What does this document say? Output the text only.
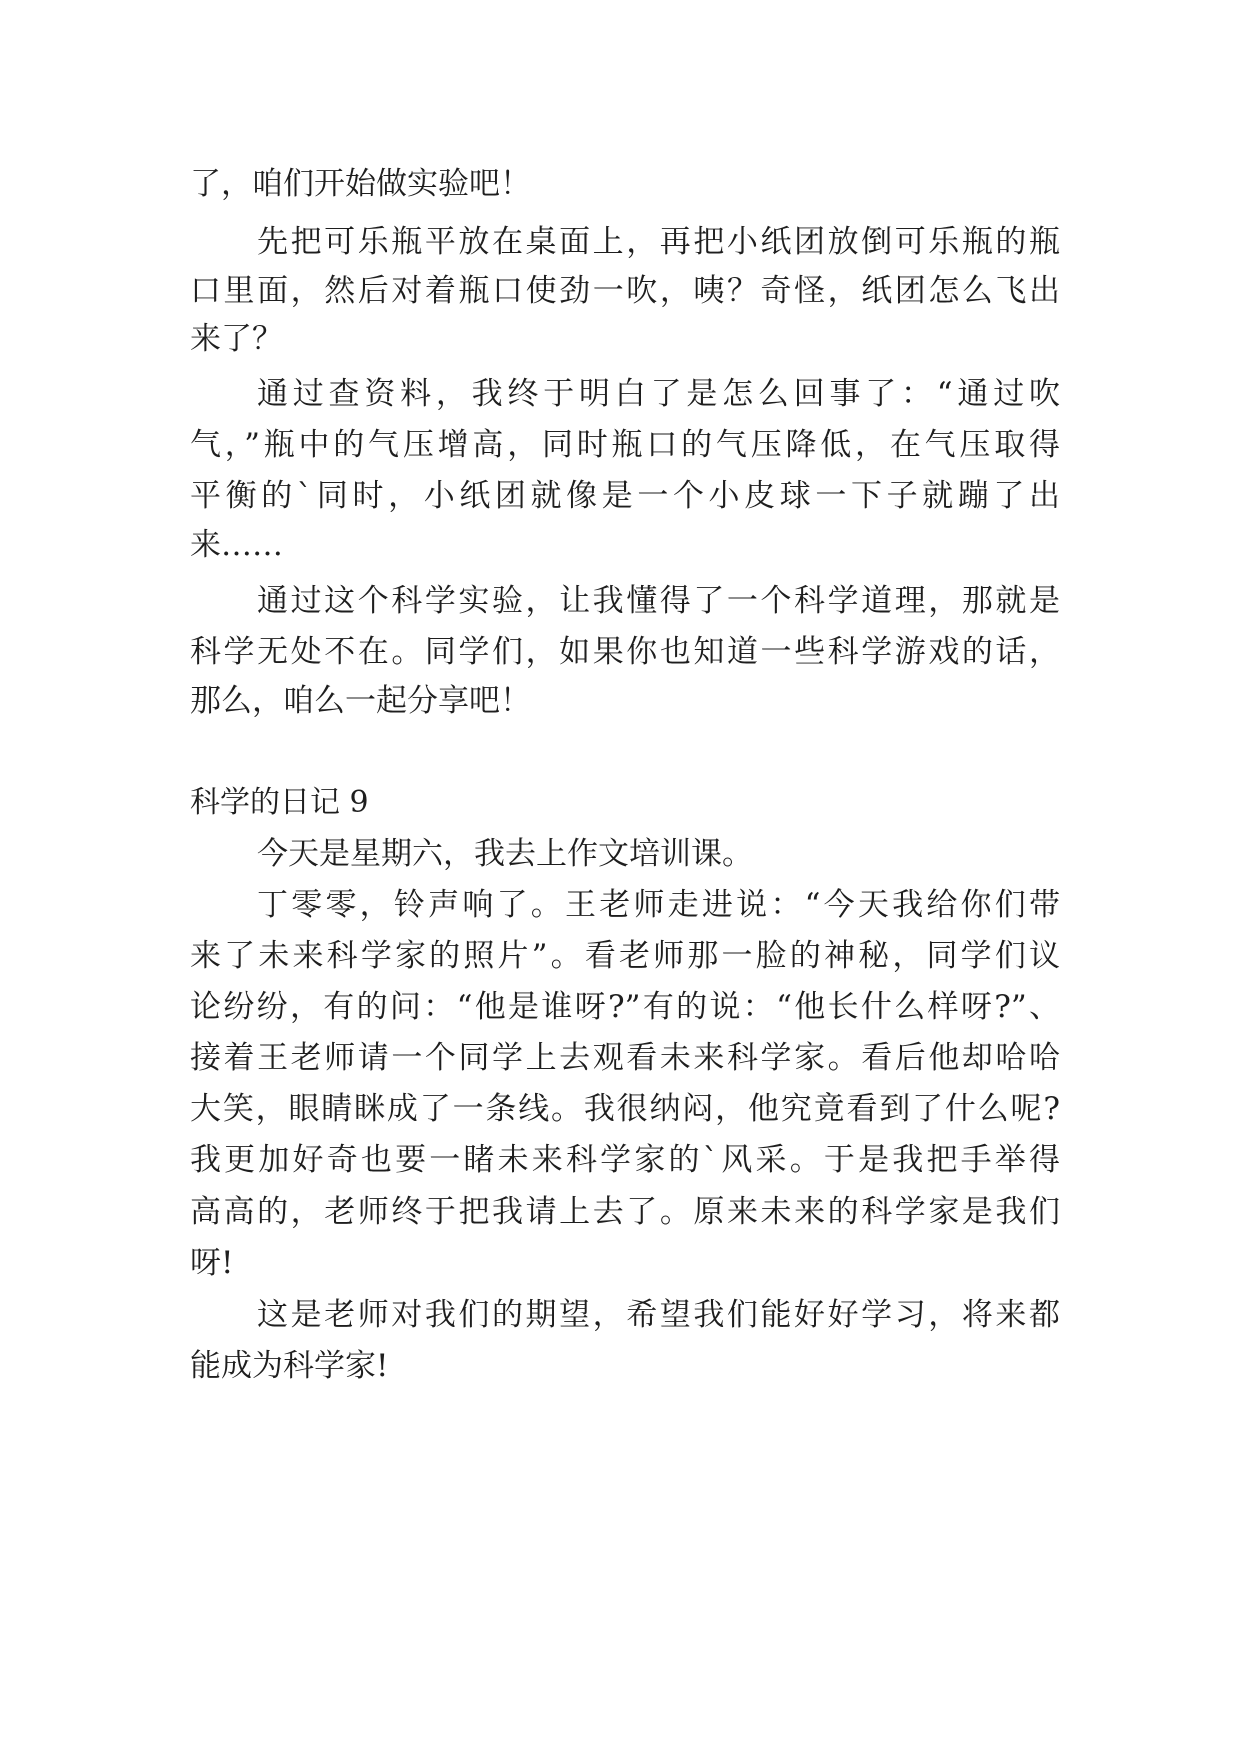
了，咱们开始做实验吧！
先把可乐瓶平放在桌面上，再把小纸团放倒可乐瓶的瓶
口里面，然后对着瓶口使劲一吹，咦？奇怪，纸团怎么飞出
来了？
通过查资料，我终于明白了是怎么回事了：“通过吹
气，”瓶中的气压增高，同时瓶口的气压降低，在气压取得
平衡的`同时，小纸团就像是一个小皮球一下子就蹦了出
来……
通过这个科学实验，让我懂得了一个科学道理，那就是
科学无处不在。同学们，如果你也知道一些科学游戏的话，
那么，咱么一起分享吧！
科学的日记 9
今天是星期六，我去上作文培训课。
丁零零，铃声响了。王老师走进说：“今天我给你们带
来了未来科学家的照片”。看老师那一脸的神秘，同学们议
论纷纷，有的问：“他是谁呀?”有的说：“他长什么样呀?”、
接着王老师请一个同学上去观看未来科学家。看后他却哈哈
大笑，眼睛眯成了一条线。我很纳闷，他究竟看到了什么呢?
我更加好奇也要一睹未来科学家的`风采。于是我把手举得
高高的，老师终于把我请上去了。原来未来的科学家是我们
呀!
这是老师对我们的期望，希望我们能好好学习，将来都
能成为科学家!
